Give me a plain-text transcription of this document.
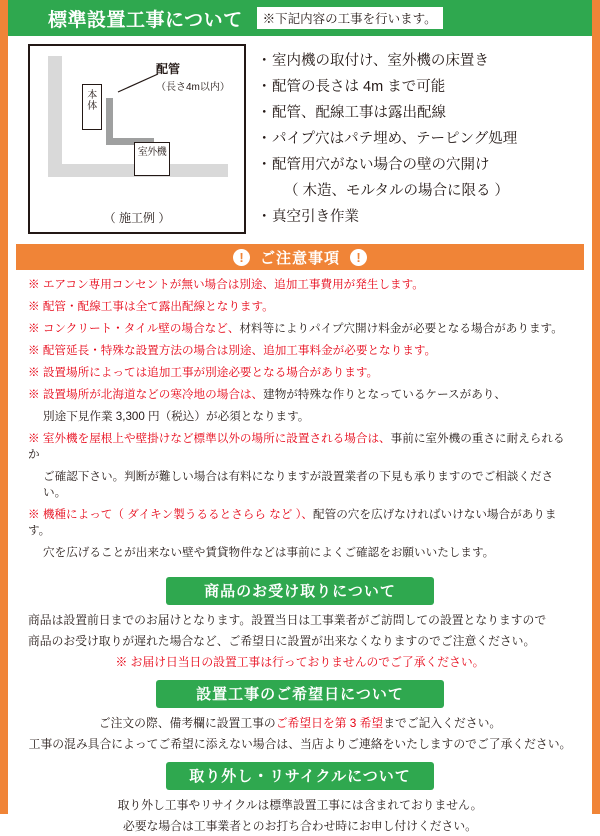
標準設置工事について	※下記内容の工事を行います。
本体
室外機
配管
（長さ4m以内）
（ 施工例 ）
・ 室内機の取付け、室外機の床置き
・ 配管の長さは 4m まで可能
・ 配管、配線工事は露出配線
・ パイプ穴はパテ埋め、テーピング処理
・ 配管用穴がない場合の壁の穴開け
（ 木造、モルタルの場合に限る ）
・ 真空引き作業
!	ご注意事項	!

※ エアコン専用コンセントが無い場合は別途、追加工事費用が発生します。

※ 配管・配線工事は全て露出配線となります。

※ コンクリート・タイル壁の場合など、材料等によりパイプ穴開け料金が必要となる場合があります。

※ 配管延長・特殊な設置方法の場合は別途、追加工事料金が必要となります。

※ 設置場所によっては追加工事が別途必要となる場合があります。

※ 設置場所が北海道などの寒冷地の場合は、建物が特殊な作りとなっているケースがあり、

別途下見作業 3,300 円（税込）が必須となります。

※ 室外機を屋根上や壁掛けなど標準以外の場所に設置される場合は、事前に室外機の重さに耐えられるか

ご確認下さい。判断が難しい場合は有料になりますが設置業者の下見も承りますのでご相談ください。

※ 機種によって（ ダイキン製うるるとさらら など ）、配管の穴を広げなければいけない場合があります。

穴を広げることが出来ない壁や賃貸物件などは事前によくご確認をお願いいたします。

商品のお受け取りについて

商品は設置前日までのお届けとなります。設置当日は工事業者がご訪問しての設置となりますので

商品のお受け取りが遅れた場合など、ご希望日に設置が出来なくなりますのでご注意ください。

※ お届け日当日の設置工事は行っておりませんのでご了承ください。

設置工事のご希望日について

ご注文の際、備考欄に設置工事のご希望日を第 3 希望までご記入ください。

工事の混み具合によってご希望に添えない場合は、当店よりご連絡をいたしますのでご了承ください。

取り外し・リサイクルについて

取り外し工事やリサイクルは標準設置工事には含まれておりません。

必要な場合は工事業者とのお打ち合わせ時にお申し付けください。
